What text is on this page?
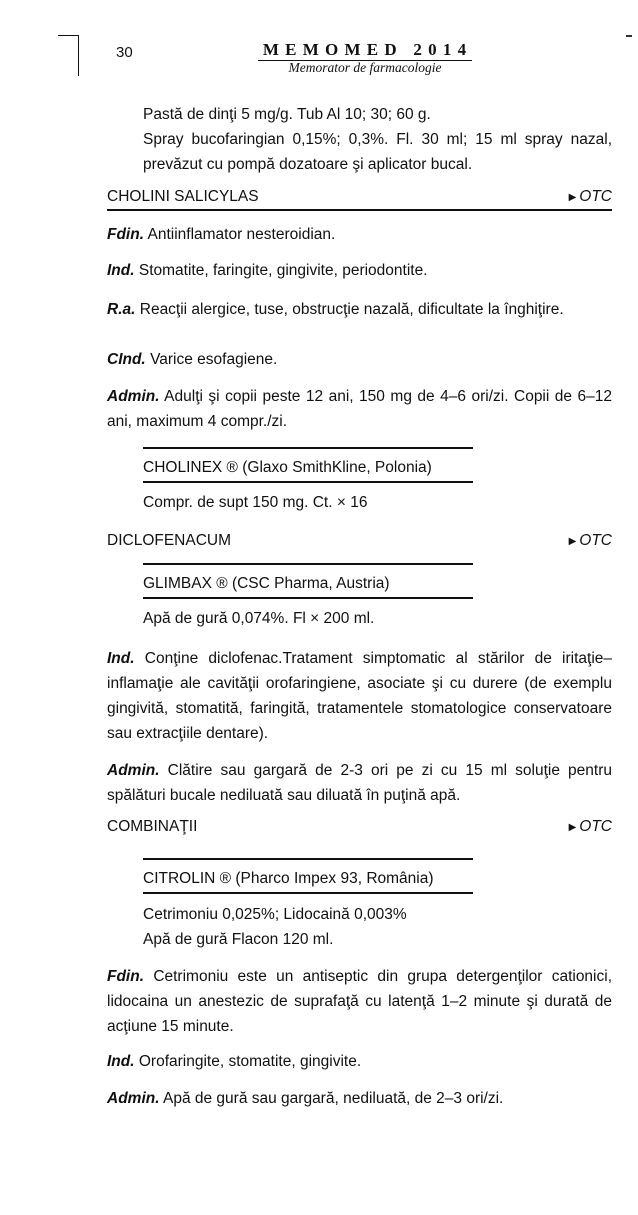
30	M E M O M E D   2 0 1 4
Memorator de farmacologie
Pastă de dinţi 5 mg/g. Tub Al 10; 30; 60 g.
Spray bucofaringian 0,15%; 0,3%. Fl. 30 ml; 15 ml spray nazal, prevăzut cu pompă dozatoare şi aplicator bucal.
CHOLINI SALICYLAS	▶ OTC
Fdin. Antiinflamator nesteroidian.
Ind. Stomatite, faringite, gingivite, periodontite.
R.a. Reacţii alergice, tuse, obstrucţie nazală, dificultate la înghiţire.
CInd. Varice esofagiene.
Admin. Adulţi şi copii peste 12 ani, 150 mg de 4–6 ori/zi. Copii de 6–12 ani, maximum 4 compr./zi.
CHOLINEX ® (Glaxo SmithKline, Polonia)
Compr. de supt 150 mg. Ct. × 16
DICLOFENACUM	▶ OTC
GLIMBAX ® (CSC Pharma, Austria)
Apă de gură 0,074%. Fl × 200 ml.
Ind. Conţine diclofenac.Tratament simptomatic al stărilor de iritaţie–inflamaţie ale cavităţii orofaringiene, asociate şi cu durere (de exemplu gingivită, stomatită, faringită, tratamentele stomatologice conservatoare sau extracţiile dentare).
Admin. Clătire sau gargară de 2-3 ori pe zi cu 15 ml soluţie pentru spălături bucale nediluată sau diluată în puţină apă.
COMBINAŢII	▶ OTC
CITROLIN ® (Pharco Impex 93, România)
Cetrimoniu 0,025%; Lidocaină 0,003%
Apă de gură Flacon 120 ml.
Fdin. Cetrimoniu este un antiseptic din grupa detergenţilor cationici, lidocaina un anestezic de suprafaţă cu latenţă 1–2 minute şi durată de acţiune 15 minute.
Ind. Orofaringite, stomatite, gingivite.
Admin. Apă de gură sau gargară, nediluată, de 2–3 ori/zi.
